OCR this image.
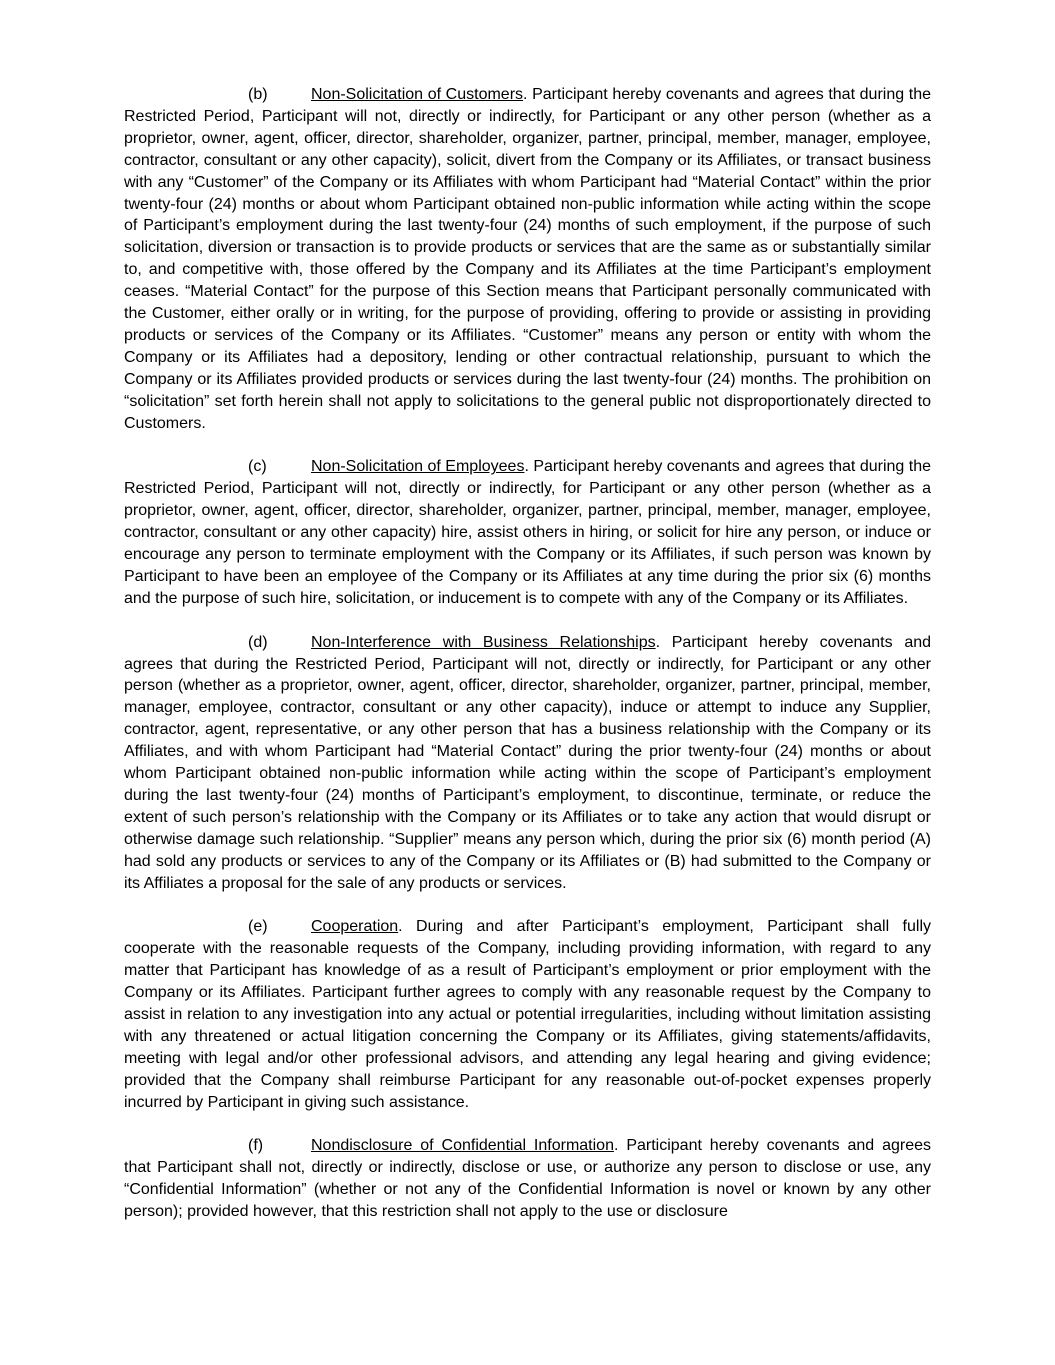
(b)	Non-Solicitation of Customers. Participant hereby covenants and agrees that during the Restricted Period, Participant will not, directly or indirectly, for Participant or any other person (whether as a proprietor, owner, agent, officer, director, shareholder, organizer, partner, principal, member, manager, employee, contractor, consultant or any other capacity), solicit, divert from the Company or its Affiliates, or transact business with any “Customer” of the Company or its Affiliates with whom Participant had “Material Contact” within the prior twenty-four (24) months or about whom Participant obtained non-public information while acting within the scope of Participant’s employment during the last twenty-four (24) months of such employment, if the purpose of such solicitation, diversion or transaction is to provide products or services that are the same as or substantially similar to, and competitive with, those offered by the Company and its Affiliates at the time Participant’s employment ceases. “Material Contact” for the purpose of this Section means that Participant personally communicated with the Customer, either orally or in writing, for the purpose of providing, offering to provide or assisting in providing products or services of the Company or its Affiliates. “Customer” means any person or entity with whom the Company or its Affiliates had a depository, lending or other contractual relationship, pursuant to which the Company or its Affiliates provided products or services during the last twenty-four (24) months. The prohibition on “solicitation” set forth herein shall not apply to solicitations to the general public not disproportionately directed to Customers.

(c)	Non-Solicitation of Employees. Participant hereby covenants and agrees that during the Restricted Period, Participant will not, directly or indirectly, for Participant or any other person (whether as a proprietor, owner, agent, officer, director, shareholder, organizer, partner, principal, member, manager, employee, contractor, consultant or any other capacity) hire, assist others in hiring, or solicit for hire any person, or induce or encourage any person to terminate employment with the Company or its Affiliates, if such person was known by Participant to have been an employee of the Company or its Affiliates at any time during the prior six (6) months and the purpose of such hire, solicitation, or inducement is to compete with any of the Company or its Affiliates.

(d)	Non-Interference with Business Relationships. Participant hereby covenants and agrees that during the Restricted Period, Participant will not, directly or indirectly, for Participant or any other person (whether as a proprietor, owner, agent, officer, director, shareholder, organizer, partner, principal, member, manager, employee, contractor, consultant or any other capacity), induce or attempt to induce any Supplier, contractor, agent, representative, or any other person that has a business relationship with the Company or its Affiliates, and with whom Participant had “Material Contact” during the prior twenty-four (24) months or about whom Participant obtained non-public information while acting within the scope of Participant’s employment during the last twenty-four (24) months of Participant’s employment, to discontinue, terminate, or reduce the extent of such person’s relationship with the Company or its Affiliates or to take any action that would disrupt or otherwise damage such relationship. “Supplier” means any person which, during the prior six (6) month period (A) had sold any products or services to any of the Company or its Affiliates or (B) had submitted to the Company or its Affiliates a proposal for the sale of any products or services.

(e)	Cooperation. During and after Participant’s employment, Participant shall fully cooperate with the reasonable requests of the Company, including providing information, with regard to any matter that Participant has knowledge of as a result of Participant’s employment or prior employment with the Company or its Affiliates. Participant further agrees to comply with any reasonable request by the Company to assist in relation to any investigation into any actual or potential irregularities, including without limitation assisting with any threatened or actual litigation concerning the Company or its Affiliates, giving statements/affidavits, meeting with legal and/or other professional advisors, and attending any legal hearing and giving evidence; provided that the Company shall reimburse Participant for any reasonable out-of-pocket expenses properly incurred by Participant in giving such assistance.

(f)	Nondisclosure of Confidential Information. Participant hereby covenants and agrees that Participant shall not, directly or indirectly, disclose or use, or authorize any person to disclose or use, any “Confidential Information” (whether or not any of the Confidential Information is novel or known by any other person); provided however, that this restriction shall not apply to the use or disclosure
